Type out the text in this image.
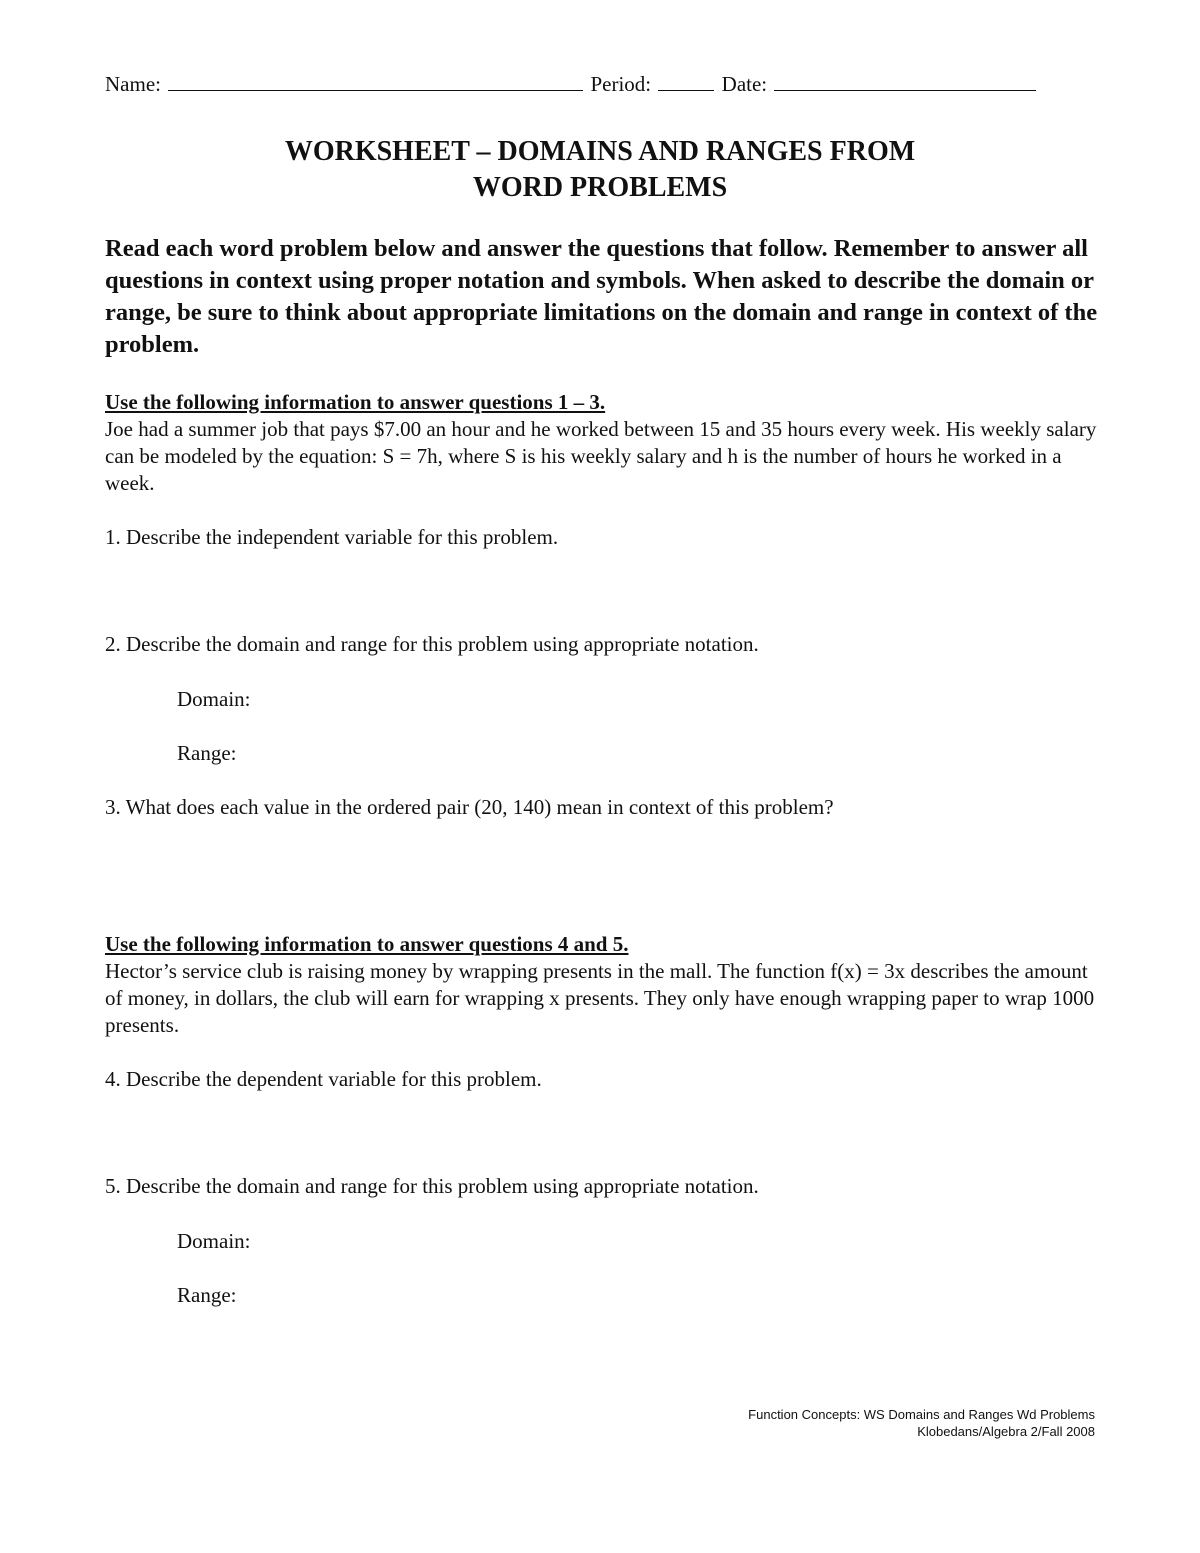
Name:	Period:	Date:
WORKSHEET – DOMAINS AND RANGES FROM
WORD PROBLEMS
Read each word problem below and answer the questions that follow. Remember to answer all questions in context using proper notation and symbols. When asked to describe the domain or range, be sure to think about appropriate limitations on the domain and range in context of the problem.
Use the following information to answer questions 1 – 3.
Joe had a summer job that pays $7.00 an hour and he worked between 15 and 35 hours every week. His weekly salary can be modeled by the equation: S = 7h, where S is his weekly salary and h is the number of hours he worked in a week.
1. Describe the independent variable for this problem.
2. Describe the domain and range for this problem using appropriate notation.
Domain:
Range:
3. What does each value in the ordered pair (20, 140) mean in context of this problem?
Use the following information to answer questions 4 and 5.
Hector’s service club is raising money by wrapping presents in the mall. The function f(x) = 3x describes the amount of money, in dollars, the club will earn for wrapping x presents. They only have enough wrapping paper to wrap 1000 presents.
4. Describe the dependent variable for this problem.
5. Describe the domain and range for this problem using appropriate notation.
Domain:
Range:
Function Concepts: WS Domains and Ranges Wd Problems
Klobedans/Algebra 2/Fall 2008
